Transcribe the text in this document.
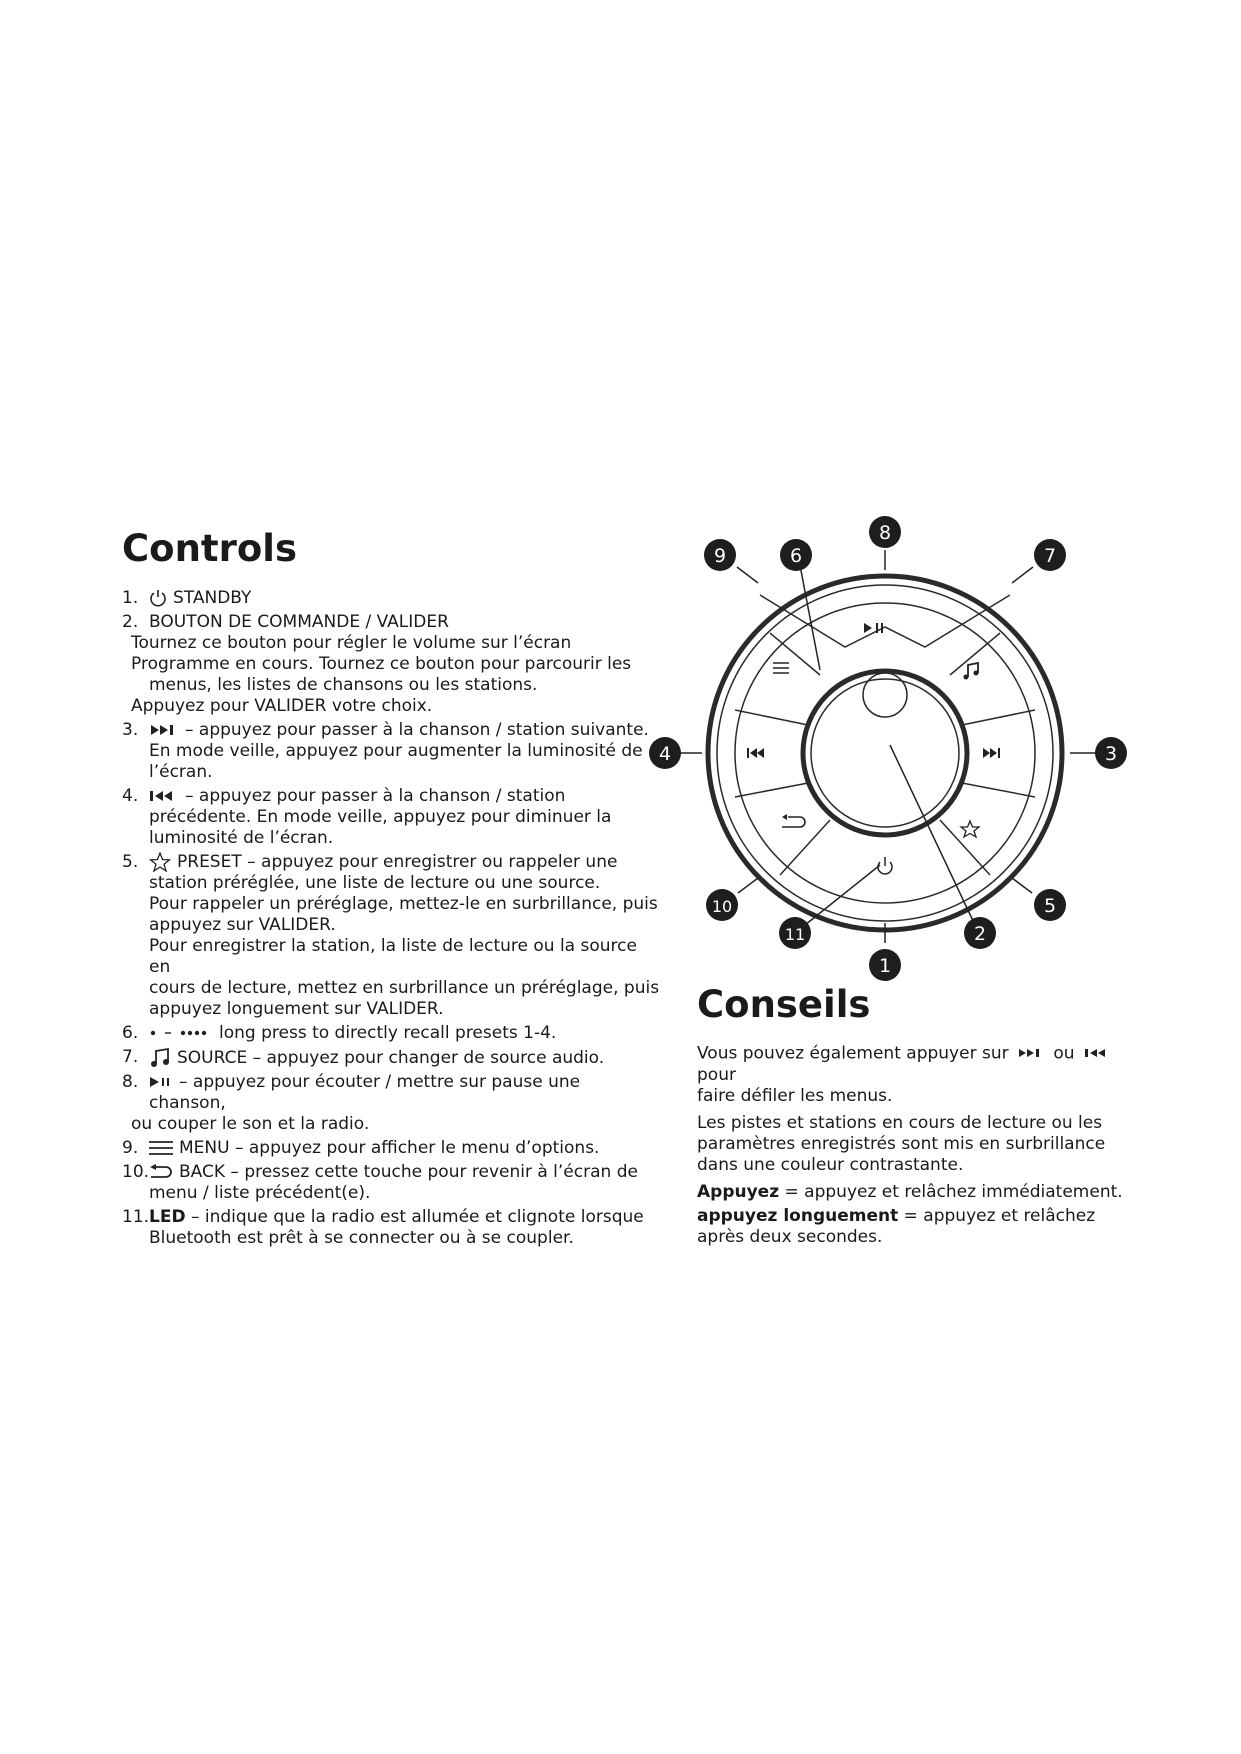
Controls
1.	STANDBY
2. BOUTON DE COMMANDE / VALIDER
Tournez ce bouton pour régler le volume sur l’écran
Programme en cours. Tournez ce bouton pour parcourir les
menus, les listes de chansons ou les stations.
Appuyez pour VALIDER votre choix.
3.	– appuyez pour passer à la chanson / station suivante.
En mode veille, appuyez pour augmenter la luminosité de
l’écran.
4.	– appuyez pour passer à la chanson / station
précédente. En mode veille, appuyez pour diminuer la
luminosité de l’écran.
5.	PRESET – appuyez pour enregistrer ou rappeler une
station préréglée, une liste de lecture ou une source.
Pour rappeler un préréglage, mettez-le en surbrillance, puis
appuyez sur VALIDER.
Pour enregistrer la station, la liste de lecture ou la source en
cours de lecture, mettez en surbrillance un préréglage, puis
appuyez longuement sur VALIDER.
6.	long press to directly recall presets 1-4.
7.	SOURCE – appuyez pour changer de source audio.
8.	– appuyez pour écouter / mettre sur pause une chanson,
ou couper le son et la radio.
9.	MENU – appuyez pour afficher le menu d’options.
10.	BACK – pressez cette touche pour revenir à l’écran de
menu / liste précédent(e).
11. LED – indique que la radio est allumée et clignote lorsque
Bluetooth est prêt à se connecter ou à se coupler.
8
6
9	7
4	3
10	5
11	2
1
Conseils

Vous pouvez également appuyer sur	ou  pour
faire défiler les menus.

Les pistes et stations en cours de lecture ou les paramètres enregistrés sont mis en surbrillance dans une couleur contrastante.

Appuyez = appuyez et relâchez immédiatement.

appuyez longuement = appuyez et relâchez après deux secondes.
